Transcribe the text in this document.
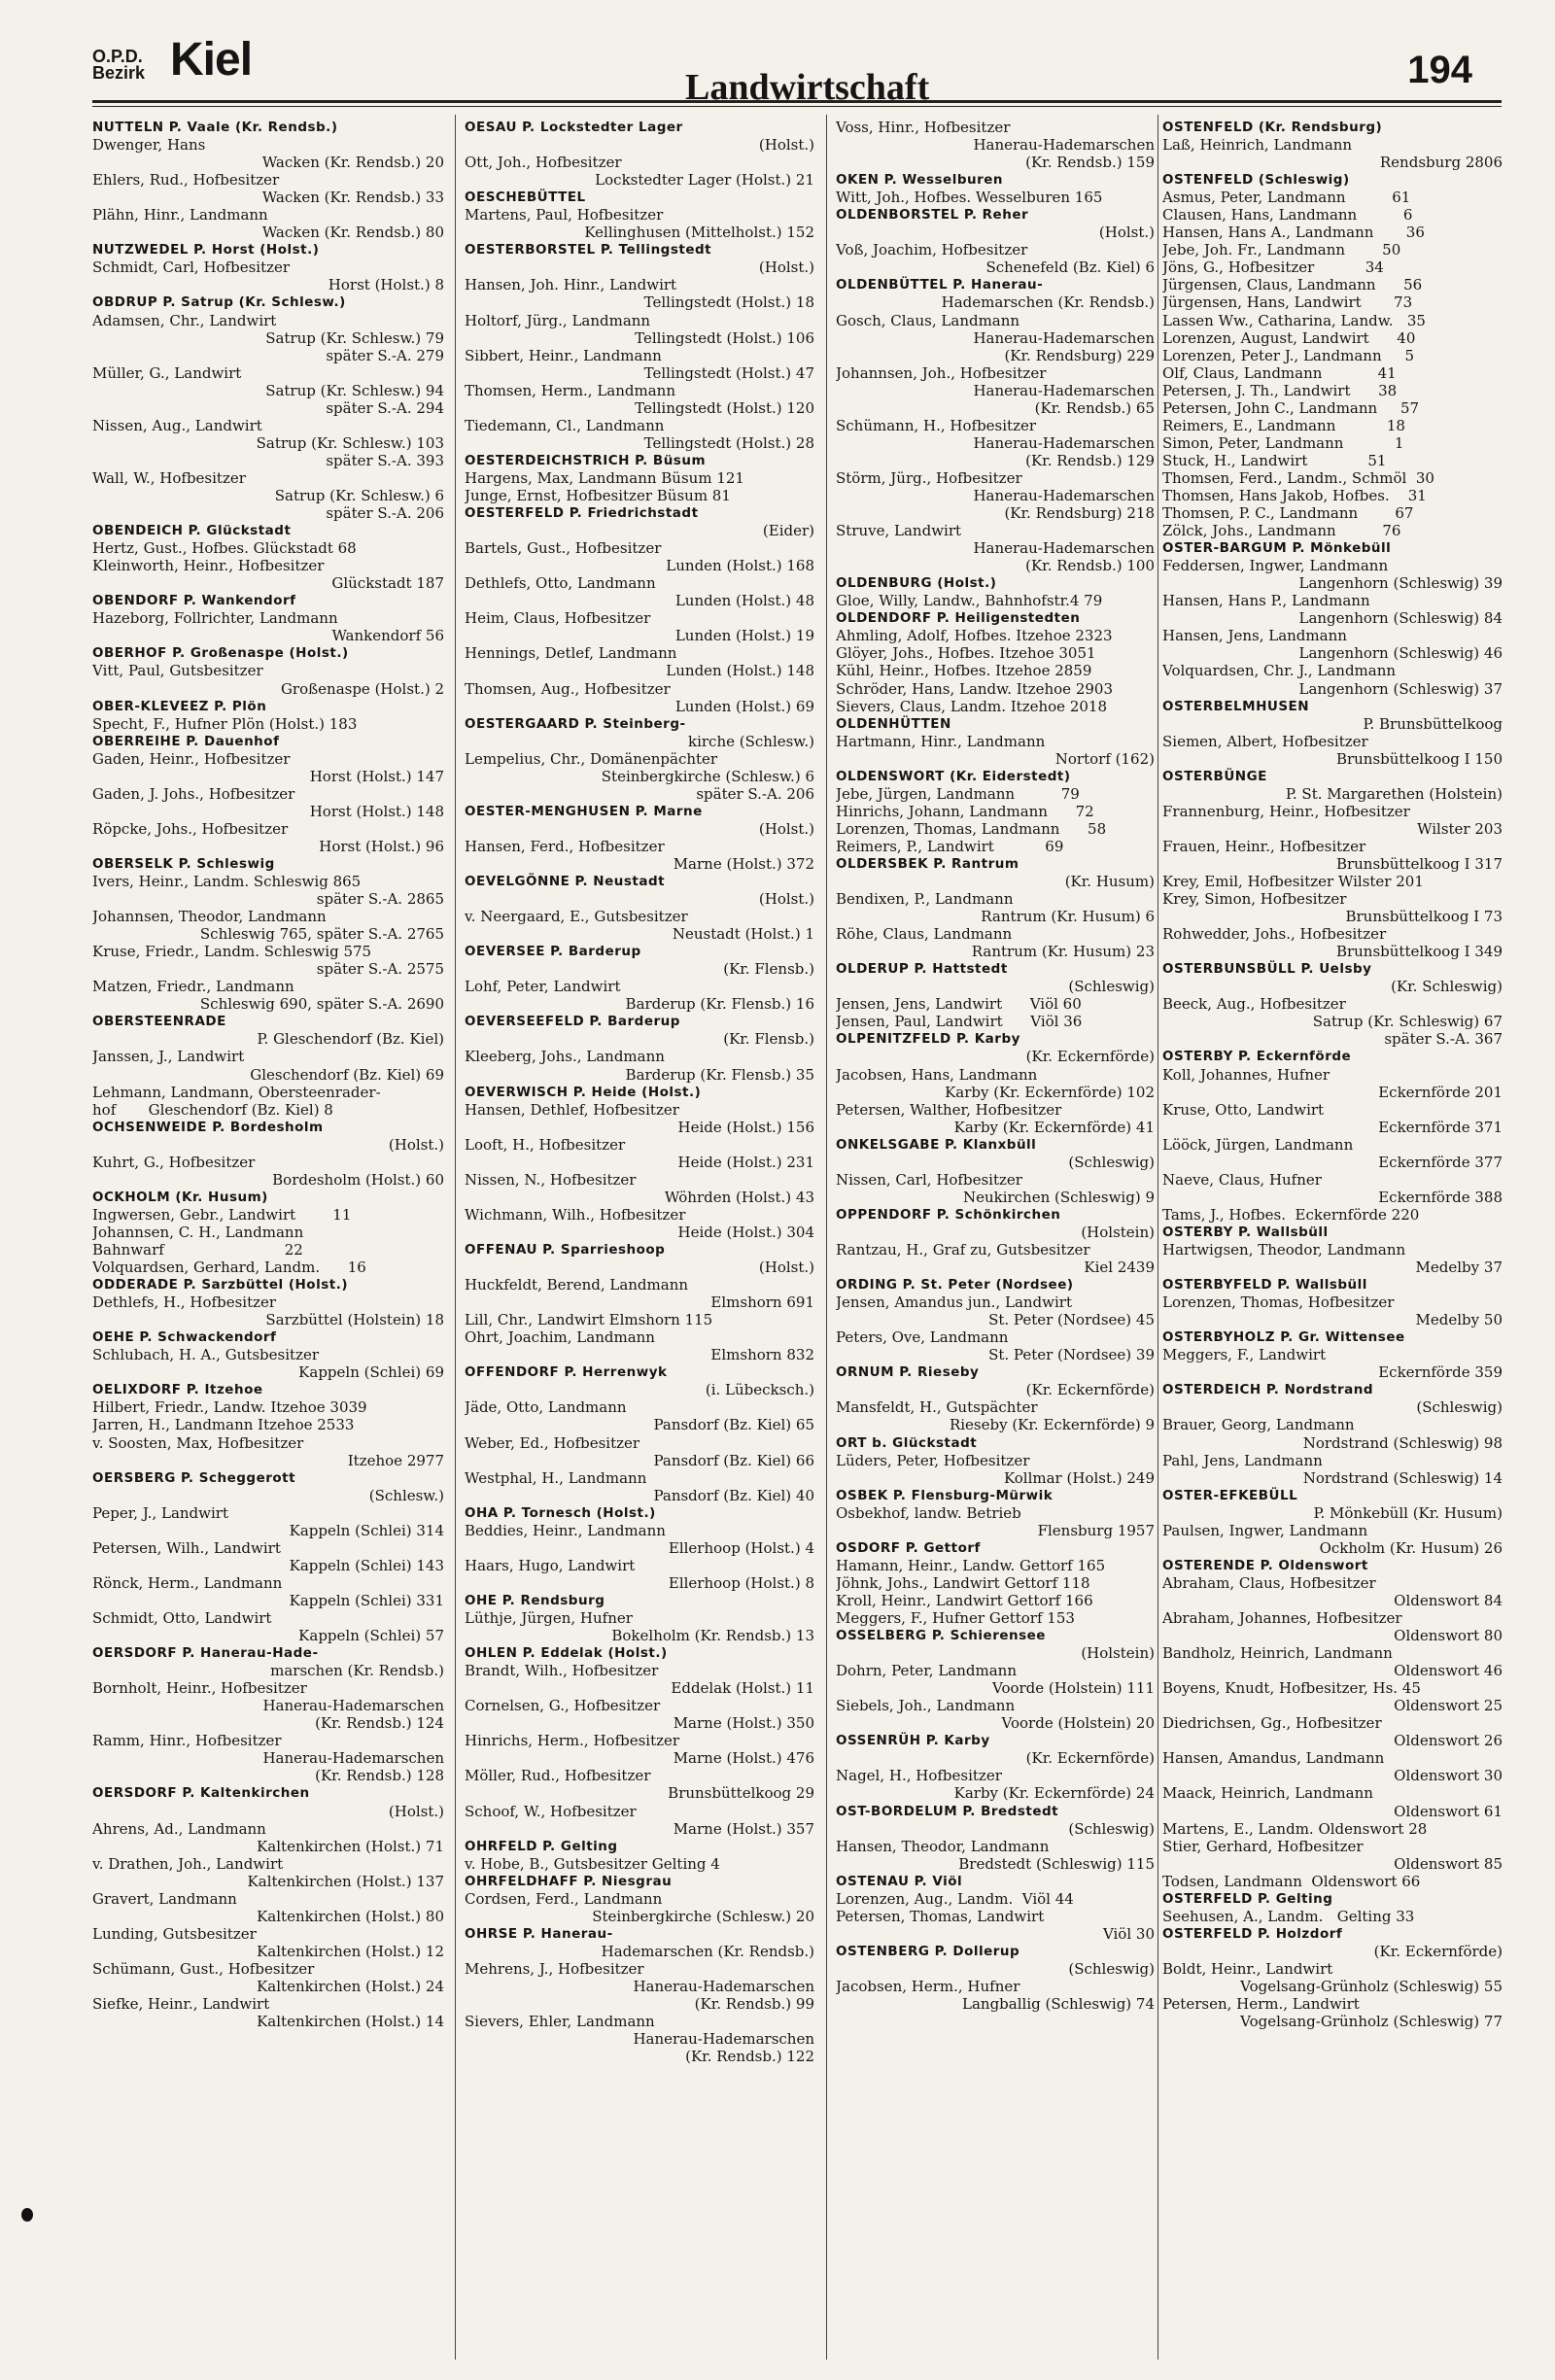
O.P.D.
Bezirk Kiel
Landwirtschaft	194
NUTTELN P. Vaale (Kr. Rendsb.)
Dwenger, Hans
Wacken (Kr. Rendsb.) 20
Ehlers, Rud., Hofbesitzer
Wacken (Kr. Rendsb.) 33
Plähn, Hinr., Landmann
Wacken (Kr. Rendsb.) 80
NUTZWEDEL P. Horst (Holst.)
Schmidt, Carl, Hofbesitzer
Horst (Holst.) 8
OBDRUP P. Satrup (Kr. Schlesw.)
Adamsen, Chr., Landwirt
Satrup (Kr. Schlesw.) 79
später S.-A. 279
Müller, G., Landwirt
Satrup (Kr. Schlesw.) 94
später S.-A. 294
Nissen, Aug., Landwirt
Satrup (Kr. Schlesw.) 103
später S.-A. 393
Wall, W., Hofbesitzer
Satrup (Kr. Schlesw.) 6
später S.-A. 206
OBENDEICH P. Glückstadt
Hertz, Gust., Hofbes. Glückstadt 68
Kleinworth, Heinr., Hofbesitzer
Glückstadt 187
OBENDORF P. Wankendorf
Hazeborg, Follrichter, Landmann
Wankendorf 56
OBERHOF P. Großenaspe (Holst.)
Vitt, Paul, Gutsbesitzer
Großenaspe (Holst.) 2
OBER-KLEVEEZ P. Plön
Specht, F., Hufner Plön (Holst.) 183
OBERREIHE P. Dauenhof
Gaden, Heinr., Hofbesitzer
Horst (Holst.) 147
Gaden, J. Johs., Hofbesitzer
Horst (Holst.) 148
Röpcke, Johs., Hofbesitzer
Horst (Holst.) 96
OBERSELK P. Schleswig
Ivers, Heinr., Landm. Schleswig 865
später S.-A. 2865
Johannsen, Theodor, Landmann
Schleswig 765, später S.-A. 2765
Kruse, Friedr., Landm. Schleswig 575
später S.-A. 2575
Matzen, Friedr., Landmann
Schleswig 690, später S.-A. 2690
OBERSTEENRADE
P. Gleschendorf (Bz. Kiel)
Janssen, J., Landwirt
Gleschendorf (Bz. Kiel) 69
Lehmann, Landmann, Obersteenrader-
hof       Gleschendorf (Bz. Kiel) 8
OCHSENWEIDE P. Bordesholm
(Holst.)
Kuhrt, G., Hofbesitzer
Bordesholm (Holst.) 60
OCKHOLM (Kr. Husum)
Ingwersen, Gebr., Landwirt        11
Johannsen, C. H., Landmann
Bahnwarf                          22
Volquardsen, Gerhard, Landm.      16
ODDERADE P. Sarzbüttel (Holst.)
Dethlefs, H., Hofbesitzer
Sarzbüttel (Holstein) 18
OEHE P. Schwackendorf
Schlubach, H. A., Gutsbesitzer
Kappeln (Schlei) 69
OELIXDORF P. Itzehoe
Hilbert, Friedr., Landw. Itzehoe 3039
Jarren, H., Landmann Itzehoe 2533
v. Soosten, Max, Hofbesitzer
Itzehoe 2977
OERSBERG P. Scheggerott
(Schlesw.)
Peper, J., Landwirt
Kappeln (Schlei) 314
Petersen, Wilh., Landwirt
Kappeln (Schlei) 143
Rönck, Herm., Landmann
Kappeln (Schlei) 331
Schmidt, Otto, Landwirt
Kappeln (Schlei) 57
OERSDORF P. Hanerau-Hade-
marschen (Kr. Rendsb.)
Bornholt, Heinr., Hofbesitzer
Hanerau-Hademarschen
(Kr. Rendsb.) 124
Ramm, Hinr., Hofbesitzer
Hanerau-Hademarschen
(Kr. Rendsb.) 128
OERSDORF P. Kaltenkirchen
(Holst.)
Ahrens, Ad., Landmann
Kaltenkirchen (Holst.) 71
v. Drathen, Joh., Landwirt
Kaltenkirchen (Holst.) 137
Gravert, Landmann
Kaltenkirchen (Holst.) 80
Lunding, Gutsbesitzer
Kaltenkirchen (Holst.) 12
Schümann, Gust., Hofbesitzer
Kaltenkirchen (Holst.) 24
Siefke, Heinr., Landwirt
Kaltenkirchen (Holst.) 14
OESAU P. Lockstedter Lager
(Holst.)
Ott, Joh., Hofbesitzer
Lockstedter Lager (Holst.) 21
OESCHEBÜTTEL
Martens, Paul, Hofbesitzer
Kellinghusen (Mittelholst.) 152
OESTERBORSTEL P. Tellingstedt
(Holst.)
Hansen, Joh. Hinr., Landwirt
Tellingstedt (Holst.) 18
Holtorf, Jürg., Landmann
Tellingstedt (Holst.) 106
Sibbert, Heinr., Landmann
Tellingstedt (Holst.) 47
Thomsen, Herm., Landmann
Tellingstedt (Holst.) 120
Tiedemann, Cl., Landmann
Tellingstedt (Holst.) 28
OESTERDEICHSTRICH P. Büsum
Hargens, Max, Landmann Büsum 121
Junge, Ernst, Hofbesitzer Büsum 81
OESTERFELD P. Friedrichstadt
(Eider)
Bartels, Gust., Hofbesitzer
Lunden (Holst.) 168
Dethlefs, Otto, Landmann
Lunden (Holst.) 48
Heim, Claus, Hofbesitzer
Lunden (Holst.) 19
Hennings, Detlef, Landmann
Lunden (Holst.) 148
Thomsen, Aug., Hofbesitzer
Lunden (Holst.) 69
OESTERGAARD P. Steinberg-
kirche (Schlesw.)
Lempelius, Chr., Domänenpächter
Steinbergkirche (Schlesw.) 6
später S.-A. 206
OESTER-MENGHUSEN P. Marne
(Holst.)
Hansen, Ferd., Hofbesitzer
Marne (Holst.) 372
OEVELGÖNNE P. Neustadt
(Holst.)
v. Neergaard, E., Gutsbesitzer
Neustadt (Holst.) 1
OEVERSEE P. Barderup
(Kr. Flensb.)
Lohf, Peter, Landwirt
Barderup (Kr. Flensb.) 16
OEVERSEEFELD P. Barderup
(Kr. Flensb.)
Kleeberg, Johs., Landmann
Barderup (Kr. Flensb.) 35
OEVERWISCH P. Heide (Holst.)
Hansen, Dethlef, Hofbesitzer
Heide (Holst.) 156
Looft, H., Hofbesitzer
Heide (Holst.) 231
Nissen, N., Hofbesitzer
Wöhrden (Holst.) 43
Wichmann, Wilh., Hofbesitzer
Heide (Holst.) 304
OFFENAU P. Sparrieshoop
(Holst.)
Huckfeldt, Berend, Landmann
Elmshorn 691
Lill, Chr., Landwirt Elmshorn 115
Ohrt, Joachim, Landmann
Elmshorn 832
OFFENDORF P. Herrenwyk
(i. Lübecksch.)
Jäde, Otto, Landmann
Pansdorf (Bz. Kiel) 65
Weber, Ed., Hofbesitzer
Pansdorf (Bz. Kiel) 66
Westphal, H., Landmann
Pansdorf (Bz. Kiel) 40
OHA P. Tornesch (Holst.)
Beddies, Heinr., Landmann
Ellerhoop (Holst.) 4
Haars, Hugo, Landwirt
Ellerhoop (Holst.) 8
OHE P. Rendsburg
Lüthje, Jürgen, Hufner
Bokelholm (Kr. Rendsb.) 13
OHLEN P. Eddelak (Holst.)
Brandt, Wilh., Hofbesitzer
Eddelak (Holst.) 11
Cornelsen, G., Hofbesitzer
Marne (Holst.) 350
Hinrichs, Herm., Hofbesitzer
Marne (Holst.) 476
Möller, Rud., Hofbesitzer
Brunsbüttelkoog 29
Schoof, W., Hofbesitzer
Marne (Holst.) 357
OHRFELD P. Gelting
v. Hobe, B., Gutsbesitzer Gelting 4
OHRFELDHAFF P. Niesgrau
Cordsen, Ferd., Landmann
Steinbergkirche (Schlesw.) 20
OHRSE P. Hanerau-
Hademarschen (Kr. Rendsb.)
Mehrens, J., Hofbesitzer
Hanerau-Hademarschen
(Kr. Rendsb.) 99
Sievers, Ehler, Landmann
Hanerau-Hademarschen
(Kr. Rendsb.) 122
Voss, Hinr., Hofbesitzer
Hanerau-Hademarschen
(Kr. Rendsb.) 159
OKEN P. Wesselburen
Witt, Joh., Hofbes. Wesselburen 165
OLDENBORSTEL P. Reher
(Holst.)
Voß, Joachim, Hofbesitzer
Schenefeld (Bz. Kiel) 6
OLDENBÜTTEL P. Hanerau-
Hademarschen (Kr. Rendsb.)
Gosch, Claus, Landmann
Hanerau-Hademarschen
(Kr. Rendsburg) 229
Johannsen, Joh., Hofbesitzer
Hanerau-Hademarschen
(Kr. Rendsb.) 65
Schümann, H., Hofbesitzer
Hanerau-Hademarschen
(Kr. Rendsb.) 129
Störm, Jürg., Hofbesitzer
Hanerau-Hademarschen
(Kr. Rendsburg) 218
Struve, Landwirt
Hanerau-Hademarschen
(Kr. Rendsb.) 100
OLDENBURG (Holst.)
Gloe, Willy, Landw., Bahnhofstr.4 79
OLDENDORF P. Heiligenstedten
Ahmling, Adolf, Hofbes. Itzehoe 2323
Glöyer, Johs., Hofbes. Itzehoe 3051
Kühl, Heinr., Hofbes. Itzehoe 2859
Schröder, Hans, Landw. Itzehoe 2903
Sievers, Claus, Landm. Itzehoe 2018
OLDENHÜTTEN
Hartmann, Hinr., Landmann
Nortorf (162)
OLDENSWORT (Kr. Eiderstedt)
Jebe, Jürgen, Landmann          79
Hinrichs, Johann, Landmann      72
Lorenzen, Thomas, Landmann      58
Reimers, P., Landwirt           69
OLDERSBEK P. Rantrum
(Kr. Husum)
Bendixen, P., Landmann
Rantrum (Kr. Husum) 6
Röhe, Claus, Landmann
Rantrum (Kr. Husum) 23
OLDERUP P. Hattstedt
(Schleswig)
Jensen, Jens, Landwirt      Viöl 60
Jensen, Paul, Landwirt      Viöl 36
OLPENITZFELD P. Karby
(Kr. Eckernförde)
Jacobsen, Hans, Landmann
Karby (Kr. Eckernförde) 102
Petersen, Walther, Hofbesitzer
Karby (Kr. Eckernförde) 41
ONKELSGABE P. Klanxbüll
(Schleswig)
Nissen, Carl, Hofbesitzer
Neukirchen (Schleswig) 9
OPPENDORF P. Schönkirchen
(Holstein)
Rantzau, H., Graf zu, Gutsbesitzer
Kiel 2439
ORDING P. St. Peter (Nordsee)
Jensen, Amandus jun., Landwirt
St. Peter (Nordsee) 45
Peters, Ove, Landmann
St. Peter (Nordsee) 39
ORNUM P. Rieseby
(Kr. Eckernförde)
Mansfeldt, H., Gutspächter
Rieseby (Kr. Eckernförde) 9
ORT b. Glückstadt
Lüders, Peter, Hofbesitzer
Kollmar (Holst.) 249
OSBEK P. Flensburg-Mürwik
Osbekhof, landw. Betrieb
Flensburg 1957
OSDORF P. Gettorf
Hamann, Heinr., Landw. Gettorf 165
Jöhnk, Johs., Landwirt Gettorf 118
Kroll, Heinr., Landwirt Gettorf 166
Meggers, F., Hufner Gettorf 153
OSSELBERG P. Schierensee
(Holstein)
Dohrn, Peter, Landmann
Voorde (Holstein) 111
Siebels, Joh., Landmann
Voorde (Holstein) 20
OSSENRÜH P. Karby
(Kr. Eckernförde)
Nagel, H., Hofbesitzer
Karby (Kr. Eckernförde) 24
OST-BORDELUM P. Bredstedt
(Schleswig)
Hansen, Theodor, Landmann
Bredstedt (Schleswig) 115
OSTENAU P. Viöl
Lorenzen, Aug., Landm.  Viöl 44
Petersen, Thomas, Landwirt
Viöl 30
OSTENBERG P. Dollerup
(Schleswig)
Jacobsen, Herm., Hufner
Langballig (Schleswig) 74
OSTENFELD (Kr. Rendsburg)
Laß, Heinrich, Landmann
Rendsburg 2806
OSTENFELD (Schleswig)
Asmus, Peter, Landmann          61
Clausen, Hans, Landmann          6
Hansen, Hans A., Landmann       36
Jebe, Joh. Fr., Landmann        50
Jöns, G., Hofbesitzer           34
Jürgensen, Claus, Landmann      56
Jürgensen, Hans, Landwirt       73
Lassen Ww., Catharina, Landw.   35
Lorenzen, August, Landwirt      40
Lorenzen, Peter J., Landmann     5
Olf, Claus, Landmann            41
Petersen, J. Th., Landwirt      38
Petersen, John C., Landmann     57
Reimers, E., Landmann           18
Simon, Peter, Landmann           1
Stuck, H., Landwirt             51
Thomsen, Ferd., Landm., Schmöl  30
Thomsen, Hans Jakob, Hofbes.    31
Thomsen, P. C., Landmann        67
Zölck, Johs., Landmann          76
OSTER-BARGUM P. Mönkebüll
Feddersen, Ingwer, Landmann
Langenhorn (Schleswig) 39
Hansen, Hans P., Landmann
Langenhorn (Schleswig) 84
Hansen, Jens, Landmann
Langenhorn (Schleswig) 46
Volquardsen, Chr. J., Landmann
Langenhorn (Schleswig) 37
OSTERBELMHUSEN
P. Brunsbüttelkoog
Siemen, Albert, Hofbesitzer
Brunsbüttelkoog I 150
OSTERBÜNGE
P. St. Margarethen (Holstein)
Frannenburg, Heinr., Hofbesitzer
Wilster 203
Frauen, Heinr., Hofbesitzer
Brunsbüttelkoog I 317
Krey, Emil, Hofbesitzer Wilster 201
Krey, Simon, Hofbesitzer
Brunsbüttelkoog I 73
Rohwedder, Johs., Hofbesitzer
Brunsbüttelkoog I 349
OSTERBUNSBÜLL P. Uelsby
(Kr. Schleswig)
Beeck, Aug., Hofbesitzer
Satrup (Kr. Schleswig) 67
später S.-A. 367
OSTERBY P. Eckernförde
Koll, Johannes, Hufner
Eckernförde 201
Kruse, Otto, Landwirt
Eckernförde 371
Lööck, Jürgen, Landmann
Eckernförde 377
Naeve, Claus, Hufner
Eckernförde 388
Tams, J., Hofbes.  Eckernförde 220
OSTERBY P. Wallsbüll
Hartwigsen, Theodor, Landmann
Medelby 37
OSTERBYFELD P. Wallsbüll
Lorenzen, Thomas, Hofbesitzer
Medelby 50
OSTERBYHOLZ P. Gr. Wittensee
Meggers, F., Landwirt
Eckernförde 359
OSTERDEICH P. Nordstrand
(Schleswig)
Brauer, Georg, Landmann
Nordstrand (Schleswig) 98
Pahl, Jens, Landmann
Nordstrand (Schleswig) 14
OSTER-EFKEBÜLL
P. Mönkebüll (Kr. Husum)
Paulsen, Ingwer, Landmann
Ockholm (Kr. Husum) 26
OSTERENDE P. Oldenswort
Abraham, Claus, Hofbesitzer
Oldenswort 84
Abraham, Johannes, Hofbesitzer
Oldenswort 80
Bandholz, Heinrich, Landmann
Oldenswort 46
Boyens, Knudt, Hofbesitzer, Hs. 45
Oldenswort 25
Diedrichsen, Gg., Hofbesitzer
Oldenswort 26
Hansen, Amandus, Landmann
Oldenswort 30
Maack, Heinrich, Landmann
Oldenswort 61
Martens, E., Landm. Oldenswort 28
Stier, Gerhard, Hofbesitzer
Oldenswort 85
Todsen, Landmann  Oldenswort 66
OSTERFELD P. Gelting
Seehusen, A., Landm.   Gelting 33
OSTERFELD P. Holzdorf
(Kr. Eckernförde)
Boldt, Heinr., Landwirt
Vogelsang-Grünholz (Schleswig) 55
Petersen, Herm., Landwirt
Vogelsang-Grünholz (Schleswig) 77
